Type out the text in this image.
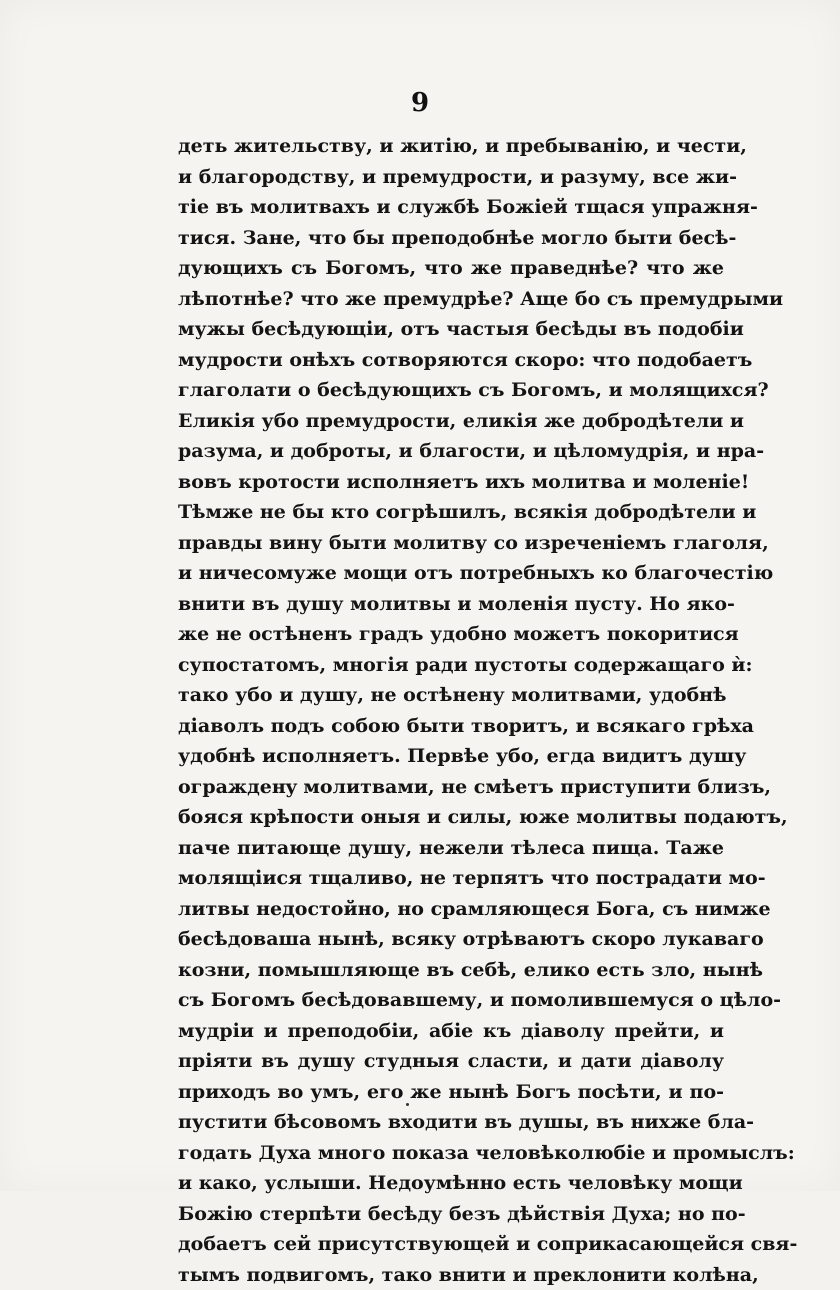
9
деть жительству, и житію, и пребыванію, и чести,
и благородству, и премудрости, и разуму, все жи-
тіе въ молитвахъ и службѣ Божіей тщася упражня-
тися. Зане, что бы преподобнѣе могло быти бесѣ-
дующихъ съ Богомъ, что же праведнѣе? что же
лѣпотнѣе? что же премудрѣе? Аще бо съ премудрыми
мужы бесѣдующіи, отъ частыя бесѣды въ подобіи
мудрости онѣхъ сотворяются скоро: что подобаетъ
глаголати о бесѣдующихъ съ Богомъ, и молящихся?
Еликія убо премудрости, еликія же добродѣтели и
разума, и доброты, и благости, и цѣломудрія, и нра-
вовъ кротости исполняетъ ихъ молитва и моленіе!
Тѣмже не бы кто согрѣшилъ, всякія добродѣтели и
правды вину быти молитву со изреченіемъ глаголя,
и ничесомуже мощи отъ потребныхъ ко благочестію
внити въ душу молитвы и моленія пусту. Но яко-
же не остѣненъ градъ удобно можетъ покоритися
супостатомъ, многія ради пустоты содержащаго ѝ:
тако убо и душу, не остѣнену молитвами, удобнѣ
діаволъ подъ собою быти творитъ, и всякаго грѣха
удобнѣ исполняетъ. Первѣе убо, егда видитъ душу
огражденy молитвами, не смѣетъ приступити близъ,
бояся крѣпости оныя и силы, юже молитвы подаютъ,
паче питающе душу, нежели тѣлеса пища. Таже
молящіися тщаливо, не терпятъ что пострадати мо-
литвы недостойно, но срамляющеся Бога, съ нимже
бесѣдоваша нынѣ, всяку отрѣваютъ скоро лукаваго
козни, помышляюще въ себѣ, елико есть зло, нынѣ
съ Богомъ бесѣдовавшему, и помолившемуся о цѣло-
мудріи и преподобіи, абіе къ діаволу прейти, и
пріяти въ душу студныя сласти, и дати діаволу
приходъ во умъ, его же нынѣ Богъ посѣти, и по-
пустити бѣсовомъ входити въ душы, въ нихже бла-
годать Духа много показа человѣколюбіе и промыслъ:
и како, услыши. Недоумѣнно есть человѣку мощи
Божію стерпѣти бесѣду безъ дѣйствія Духа; но по-
добаетъ сей присутствующей и соприкасающейся свя-
тымъ подвигомъ, тако внити и преклонити колѣна,
